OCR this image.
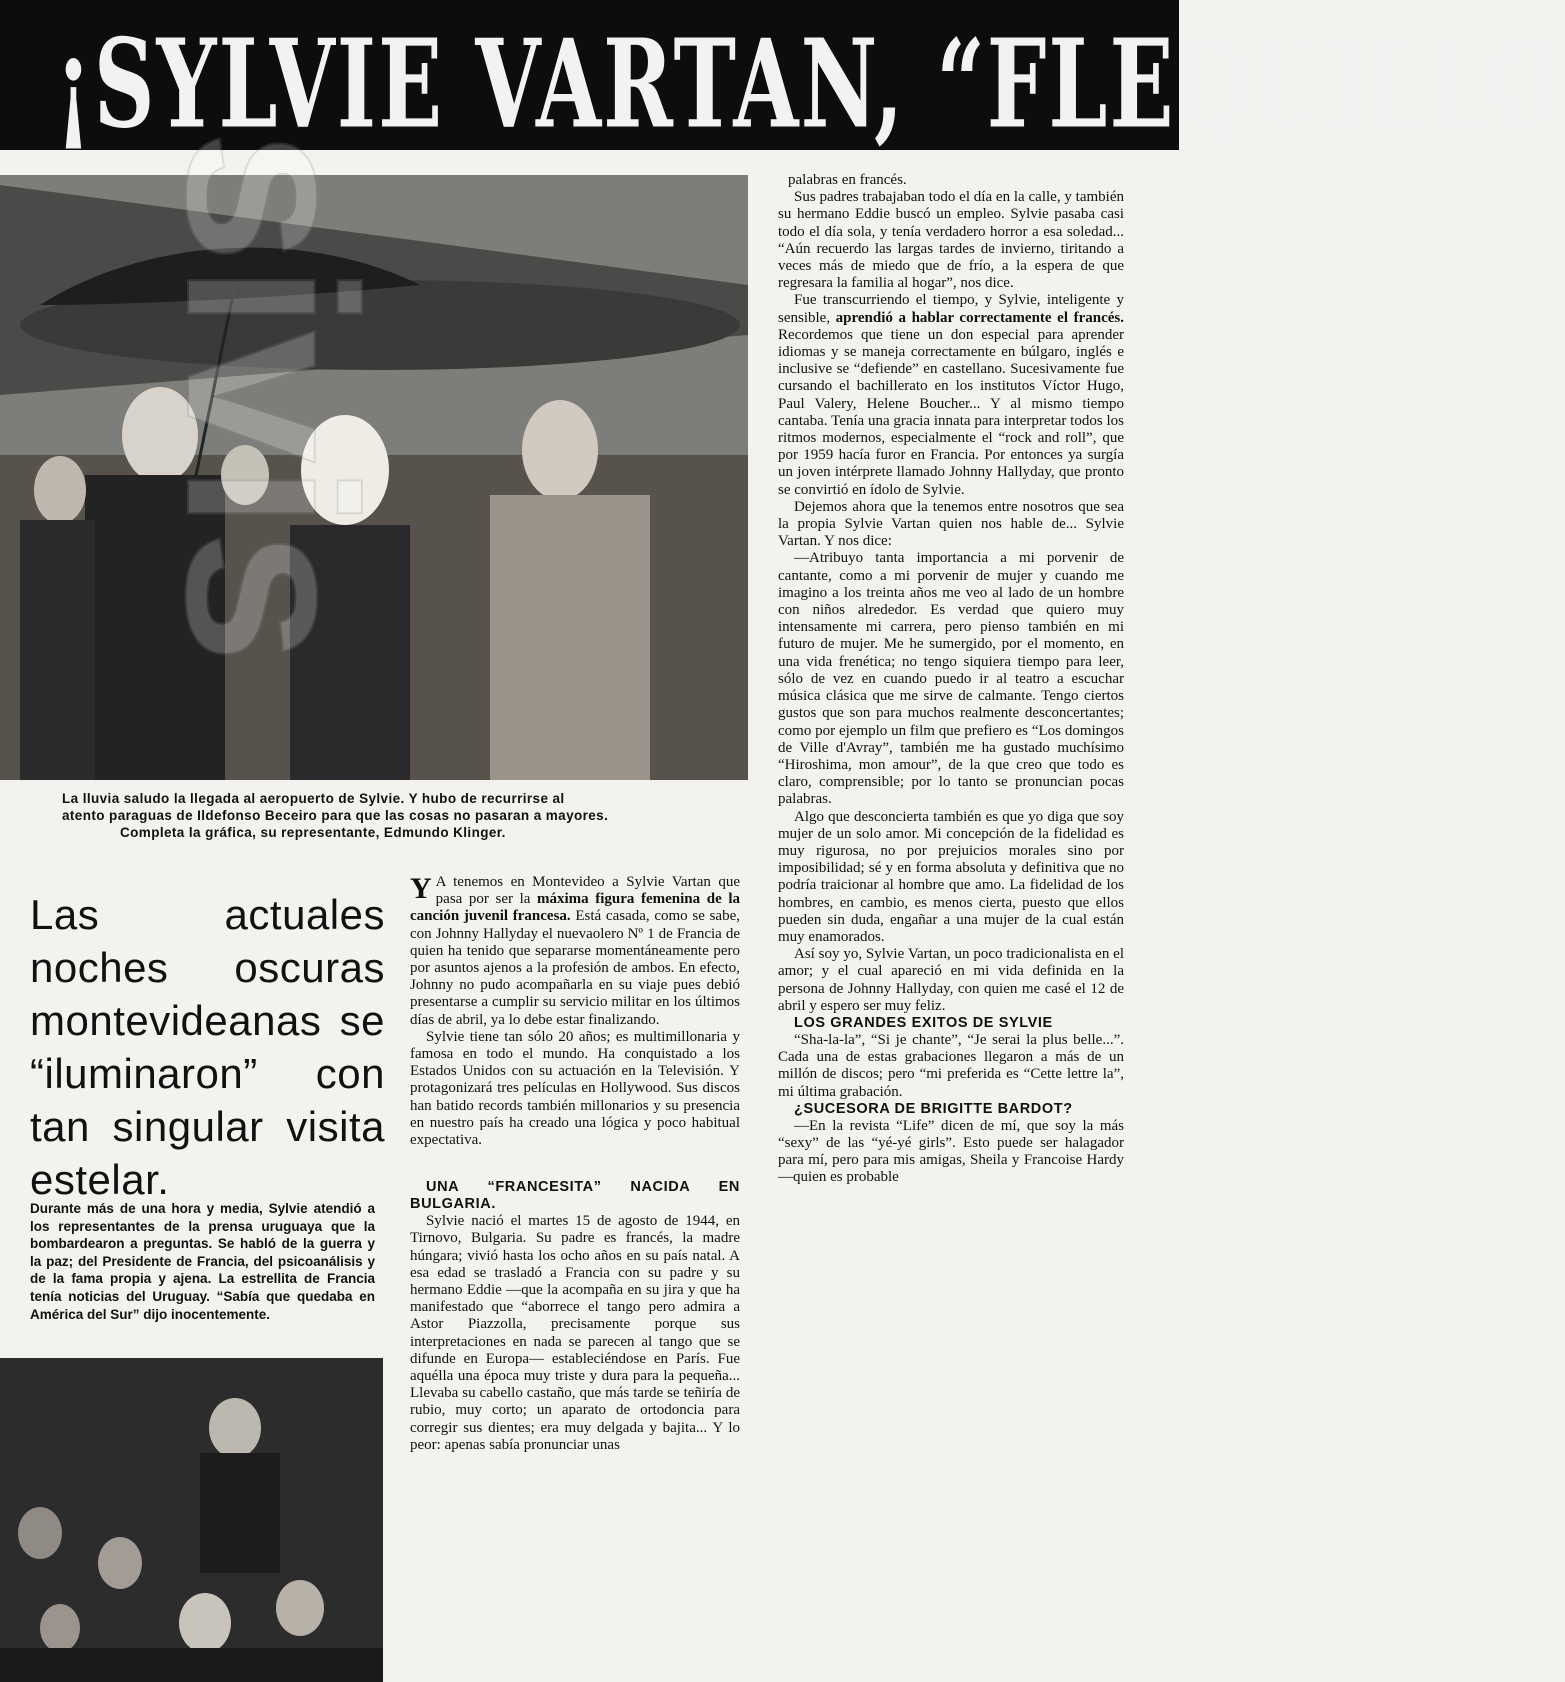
¡SYLVIE VARTAN, “FLEQUILLO
sivis
La lluvia saludo la llegada al aeropuerto de Sylvie. Y hubo de recurrirse al
atento paraguas de Ildefonso Beceiro para que las cosas no pasaran a mayores.

Completa la gráfica, su representante, Edmundo Klinger.
Las actuales noches oscuras montevideanas se “iluminaron” con tan singular visita estelar.
Durante más de una hora y media, Sylvie atendió a los representantes de la prensa uruguaya que la bombardearon a preguntas. Se habló de la guerra y la paz; del Presidente de Francia, del psicoanálisis y de la fama propia y ajena. La estrellita de Francia tenía noticias del Uruguay. “Sabía que quedaba en América del Sur” dijo inocentemente.

Y A tenemos en Montevideo a Sylvie Vartan que pasa por ser la máxima figura femenina de la canción juvenil francesa. Está casada, como se sabe, con Johnny Hallyday el nuevaolero Nº 1 de Francia de quien ha tenido que separarse momentáneamente pero por asuntos ajenos a la profesión de ambos. En efecto, Johnny no pudo acompañarla en su viaje pues debió presentarse a cumplir su servicio militar en los últimos días de abril, ya lo debe estar finalizando.

Sylvie tiene tan sólo 20 años; es multimillonaria y famosa en todo el mundo. Ha conquistado a los Estados Unidos con su actuación en la Televisión. Y protagonizará tres películas en Hollywood. Sus discos han batido records también millonarios y su presencia en nuestro país ha creado una lógica y poco habitual expectativa.

UNA “FRANCESITA” NACIDA EN BULGARIA.

Sylvie nació el martes 15 de agosto de 1944, en Tirnovo, Bulgaria. Su padre es francés, la madre húngara; vivió hasta los ocho años en su país natal. A esa edad se trasladó a Francia con su padre y su hermano Eddie —que la acompaña en su jira y que ha manifestado que “aborrece el tango pero admira a Astor Piazzolla, precisamente porque sus interpretaciones en nada se parecen al tango que se difunde en Europa— estableciéndose en París. Fue aquélla una época muy triste y dura para la pequeña... Llevaba su cabello castaño, que más tarde se teñiría de rubio, muy corto; un aparato de ortodoncia para corregir sus dientes; era muy delgada y bajita... Y lo peor: apenas sabía pronunciar unas

palabras en francés.

Sus padres trabajaban todo el día en la calle, y también su hermano Eddie buscó un empleo. Sylvie pasaba casi todo el día sola, y tenía verdadero horror a esa soledad... “Aún recuerdo las largas tardes de invierno, tiritando a veces más de miedo que de frío, a la espera de que regresara la familia al hogar”, nos dice.

Fue transcurriendo el tiempo, y Sylvie, inteligente y sensible, aprendió a hablar correctamente el francés. Recordemos que tiene un don especial para aprender idiomas y se maneja correctamente en búlgaro, inglés e inclusive se “defiende” en castellano. Sucesivamente fue cursando el bachillerato en los institutos Víctor Hugo, Paul Valery, Helene Boucher... Y al mismo tiempo cantaba. Tenía una gracia innata para interpretar todos los ritmos modernos, especialmente el “rock and roll”, que por 1959 hacía furor en Francia. Por entonces ya surgía un joven intérprete llamado Johnny Hallyday, que pronto se convirtió en ídolo de Sylvie.

Dejemos ahora que la tenemos entre nosotros que sea la propia Sylvie Vartan quien nos hable de... Sylvie Vartan. Y nos dice:

—Atribuyo tanta importancia a mi porvenir de cantante, como a mi porvenir de mujer y cuando me imagino a los treinta años me veo al lado de un hombre con niños alrededor. Es verdad que quiero muy intensamente mi carrera, pero pienso también en mi futuro de mujer. Me he sumergido, por el momento, en una vida frenética; no tengo siquiera tiempo para leer, sólo de vez en cuando puedo ir al teatro a escuchar música clásica que me sirve de calmante. Tengo ciertos gustos que son para muchos realmente desconcertantes; como por ejemplo un film que prefiero es “Los domingos de Ville d'Avray”, también me ha gustado muchísimo “Hiroshima, mon amour”, de la que creo que todo es claro, comprensible; por lo tanto se pronuncian pocas palabras.

Algo que desconcierta también es que yo diga que soy mujer de un solo amor. Mi concepción de la fidelidad es muy rigurosa, no por prejuicios morales sino por imposibilidad; sé y en forma absoluta y definitiva que no podría traicionar al hombre que amo. La fidelidad de los hombres, en cambio, es menos cierta, puesto que ellos pueden sin duda, engañar a una mujer de la cual están muy enamorados.

Así soy yo, Sylvie Vartan, un poco tradicionalista en el amor; y el cual apareció en mi vida definida en la persona de Johnny Hallyday, con quien me casé el 12 de abril y espero ser muy feliz.

LOS GRANDES EXITOS DE SYLVIE

“Sha-la-la”, “Si je chante”, “Je serai la plus belle...”. Cada una de estas grabaciones llegaron a más de un millón de discos; pero “mi preferida es “Cette lettre la”, mi última grabación.

¿SUCESORA DE BRIGITTE BARDOT?

—En la revista “Life” dicen de mí, que soy la más “sexy” de las “yé-yé girls”. Esto puede ser halagador para mí, pero para mis amigas, Sheila y Francoise Hardy —quien es probable
